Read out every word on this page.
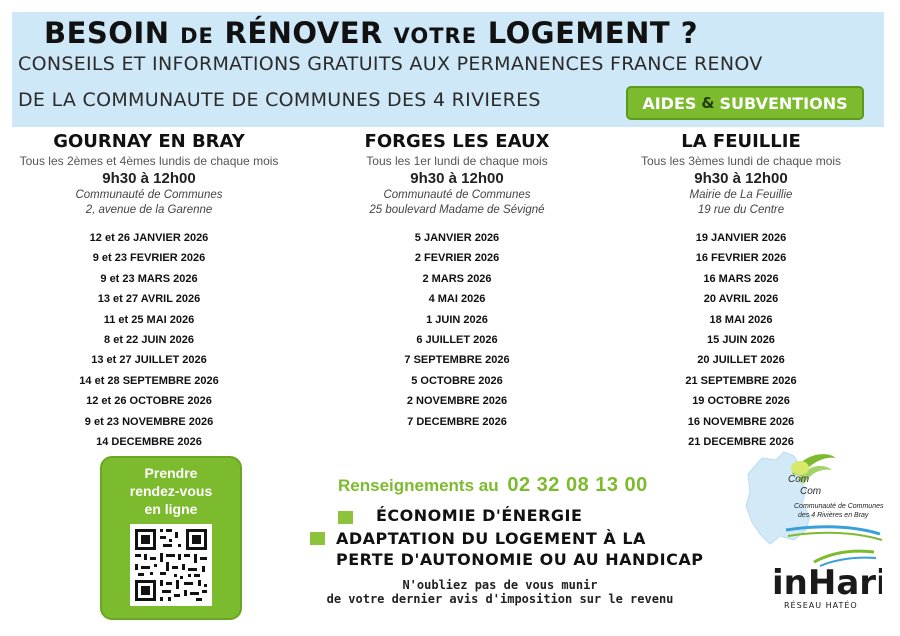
BESOIN DE RÉNOVER VOTRE LOGEMENT ?
CONSEILS ET INFORMATIONS GRATUITS AUX PERMANENCES FRANCE RENOV
DE LA COMMUNAUTE DE COMMUNES DES 4 RIVIERES	AIDES & SUBVENTIONS
GOURNAY EN BRAY
Tous les 2èmes et 4èmes lundis de chaque mois
9h30 à 12h00
Communauté de Communes
2, avenue de la Garenne
12 et 26 JANVIER 2026
9 et 23 FEVRIER 2026
9 et 23 MARS 2026
13 et 27 AVRIL 2026
11 et 25 MAI 2026
8 et 22 JUIN 2026
13 et 27 JUILLET 2026
14 et 28 SEPTEMBRE 2026
12 et 26 OCTOBRE 2026
9 et 23 NOVEMBRE 2026
14 DECEMBRE 2026
FORGES LES EAUX
Tous les 1er lundi de chaque mois
9h30 à 12h00
Communauté de Communes
25 boulevard Madame de Sévigné
5 JANVIER 2026
2 FEVRIER 2026
2 MARS 2026
4 MAI 2026
1 JUIN 2026
6 JUILLET 2026
7 SEPTEMBRE 2026
5 OCTOBRE 2026
2 NOVEMBRE 2026
7 DECEMBRE 2026
LA FEUILLIE
Tous les 3èmes lundi de chaque mois
9h30 à 12h00
Mairie de La Feuillie
19 rue du Centre
19 JANVIER 2026
16 FEVRIER 2026
16 MARS 2026
20 AVRIL 2026
18 MAI 2026
15 JUIN 2026
20 JUILLET 2026
21 SEPTEMBRE 2026
19 OCTOBRE 2026
16 NOVEMBRE 2026
21 DECEMBRE 2026
Prendre
rendez-vous
en ligne
Renseignements au 02 32 08 13 00
ÉCONOMIE D'ÉNERGIE
ADAPTATION DU LOGEMENT À LA
PERTE D'AUTONOMIE OU AU HANDICAP
N'oubliez pas de vous munir
de votre dernier avis d'imposition sur le revenu
Com
Com
Communauté de Communes
des 4 Rivières en Bray
inHari
RÉSEAU HATÉO
